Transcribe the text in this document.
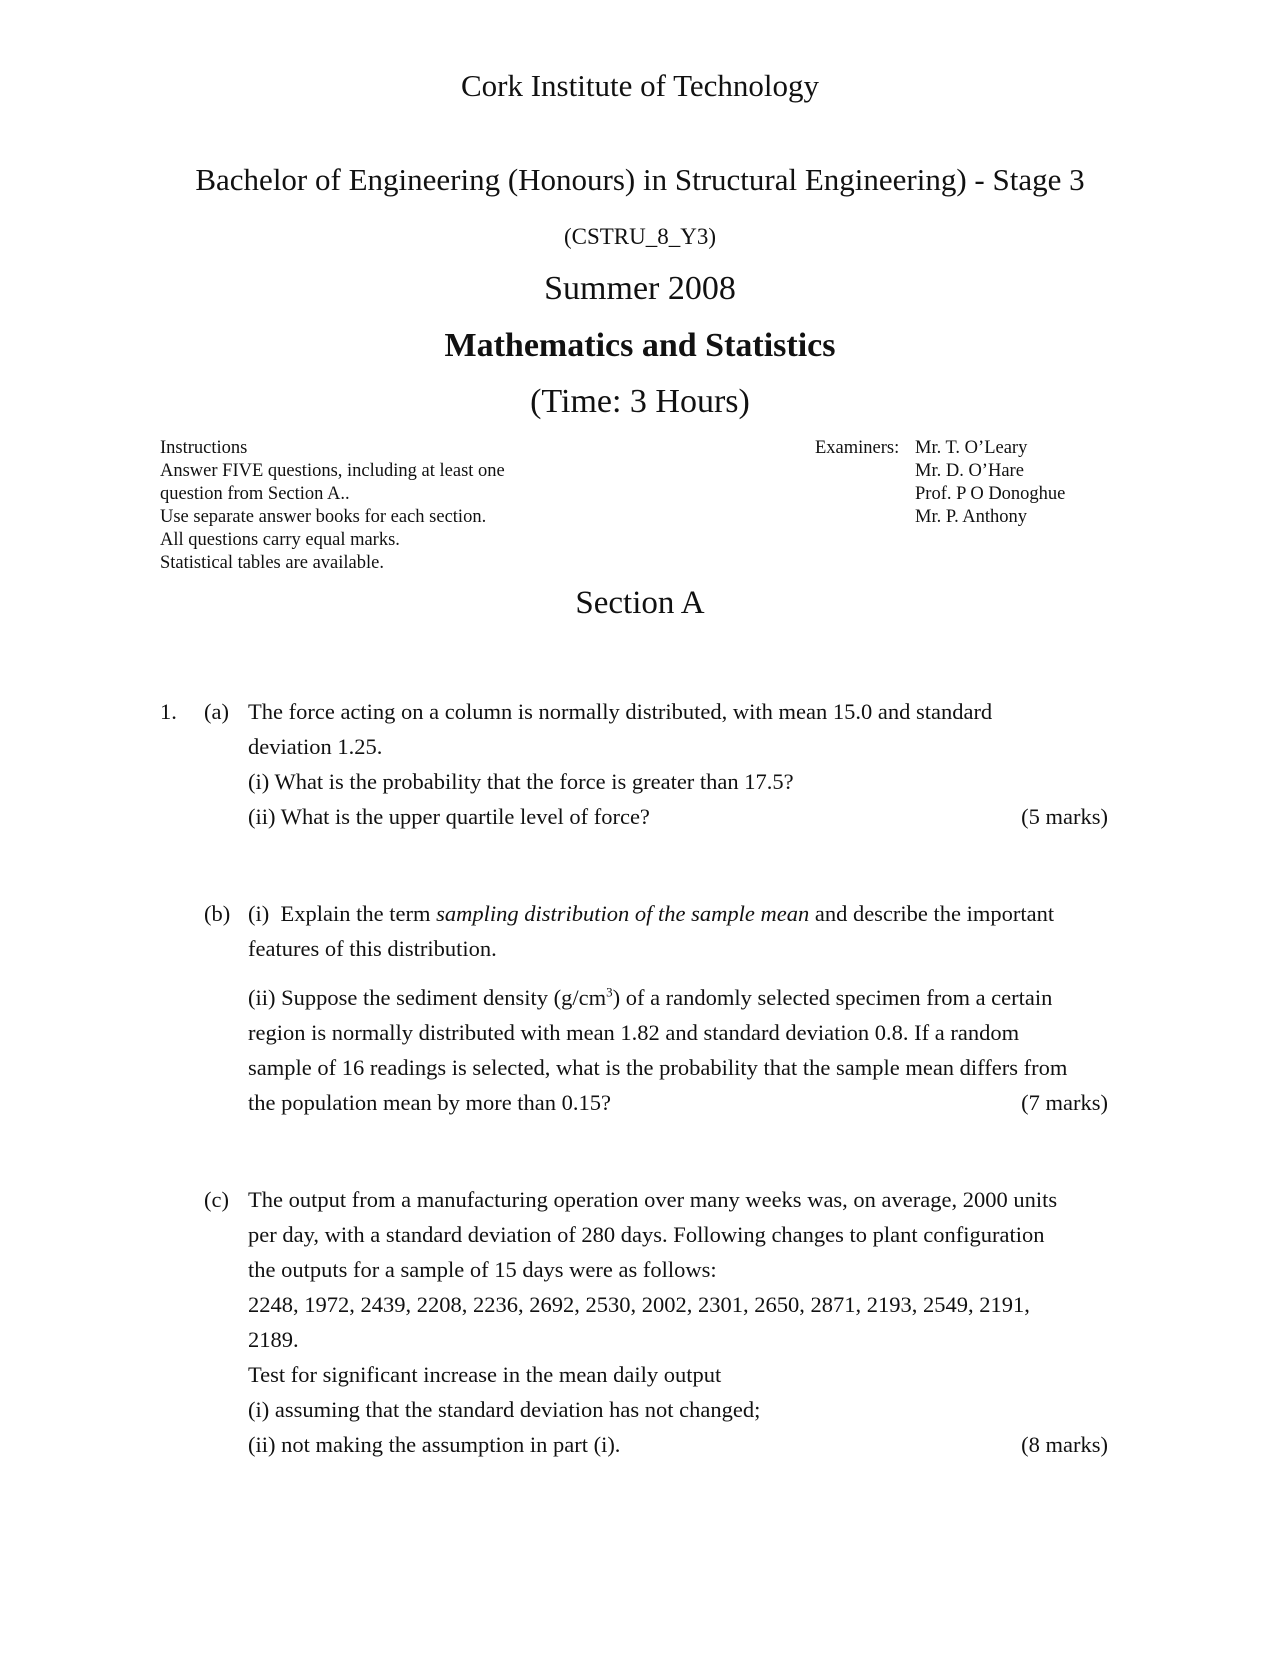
Cork Institute of Technology
Bachelor of Engineering (Honours) in Structural Engineering) - Stage 3
(CSTRU_8_Y3)
Summer 2008
Mathematics and Statistics
(Time: 3 Hours)
Instructions
Answer FIVE questions, including at least one
question from Section A..
Use separate answer books for each section.
All questions carry equal marks.
Statistical tables are available.
Examiners: Mr. T. O’Leary
Mr. D. O’Hare
Prof. P O Donoghue
Mr. P. Anthony
Section A
1. (a) The force acting on a column is normally distributed, with mean 15.0 and standard
deviation 1.25.
(i) What is the probability that the force is greater than 17.5?
(ii) What is the upper quartile level of force?	(5 marks)
(b) (i)  Explain the term sampling distribution of the sample mean and describe the important
features of this distribution.
(ii) Suppose the sediment density $(g/cm^3)$ of a randomly selected specimen from a certain
region is normally distributed with mean 1.82 and standard deviation 0.8. If a random
sample of 16 readings is selected, what is the probability that the sample mean differs from
the population mean by more than 0.15?	(7 marks)
(c) The output from a manufacturing operation over many weeks was, on average, 2000 units
per day, with a standard deviation of 280 days. Following changes to plant configuration
the outputs for a sample of 15 days were as follows:
2248, 1972, 2439, 2208, 2236, 2692, 2530, 2002, 2301, 2650, 2871, 2193, 2549, 2191,
2189.
Test for significant increase in the mean daily output
(i) assuming that the standard deviation has not changed;
(ii) not making the assumption in part (i).	(8 marks)
